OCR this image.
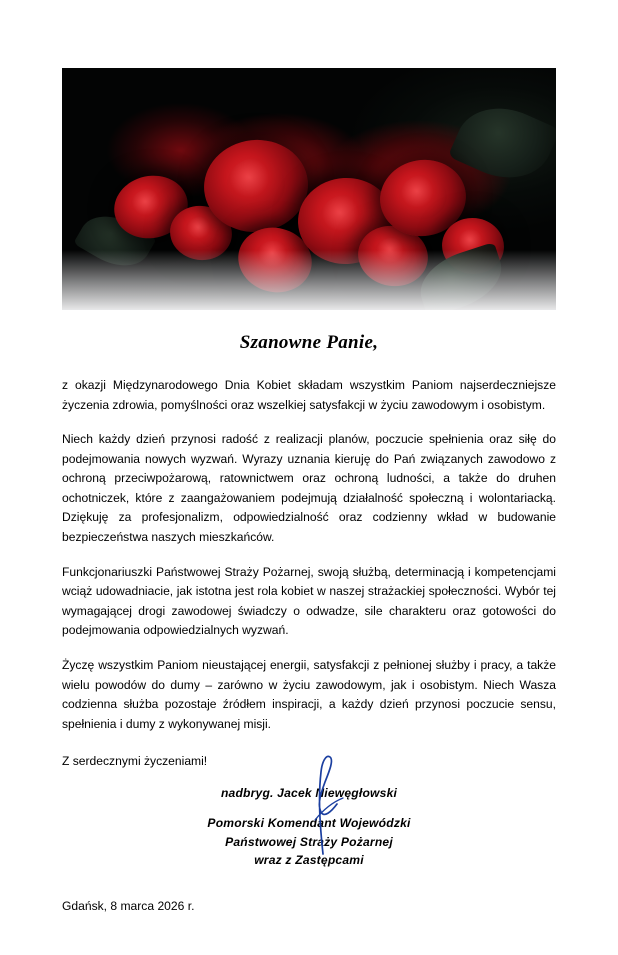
Szanowne Panie,

z okazji Międzynarodowego Dnia Kobiet składam wszystkim Paniom najserdeczniejsze życzenia zdrowia, pomyślności oraz wszelkiej satysfakcji w życiu zawodowym i osobistym.

Niech każdy dzień przynosi radość z realizacji planów, poczucie spełnienia oraz siłę do podejmowania nowych wyzwań. Wyrazy uznania kieruję do Pań związanych zawodowo z ochroną przeciwpożarową, ratownictwem oraz ochroną ludności, a także do druhen ochotniczek, które z zaangażowaniem podejmują działalność społeczną i wolontariacką. Dziękuję za profesjonalizm, odpowiedzialność oraz codzienny wkład w budowanie bezpieczeństwa naszych mieszkańców.

Funkcjonariuszki Państwowej Straży Pożarnej, swoją służbą, determinacją i kompetencjami wciąż udowadniacie, jak istotna jest rola kobiet w naszej strażackiej społeczności. Wybór tej wymagającej drogi zawodowej świadczy o odwadze, sile charakteru oraz gotowości do podejmowania odpowiedzialnych wyzwań.

Życzę wszystkim Paniom nieustającej energii, satysfakcji z pełnionej służby i pracy, a także wielu powodów do dumy – zarówno w życiu zawodowym, jak i osobistym. Niech Wasza codzienna służba pozostaje źródłem inspiracji, a każdy dzień przynosi poczucie sensu, spełnienia i dumy z wykonywanej misji.

Z serdecznymi życzeniami!

nadbryg. Jacek Niewęgłowski
Pomorski Komendant Wojewódzki
Państwowej Straży Pożarnej
wraz z Zastępcami
Gdańsk, 8 marca 2026 r.
